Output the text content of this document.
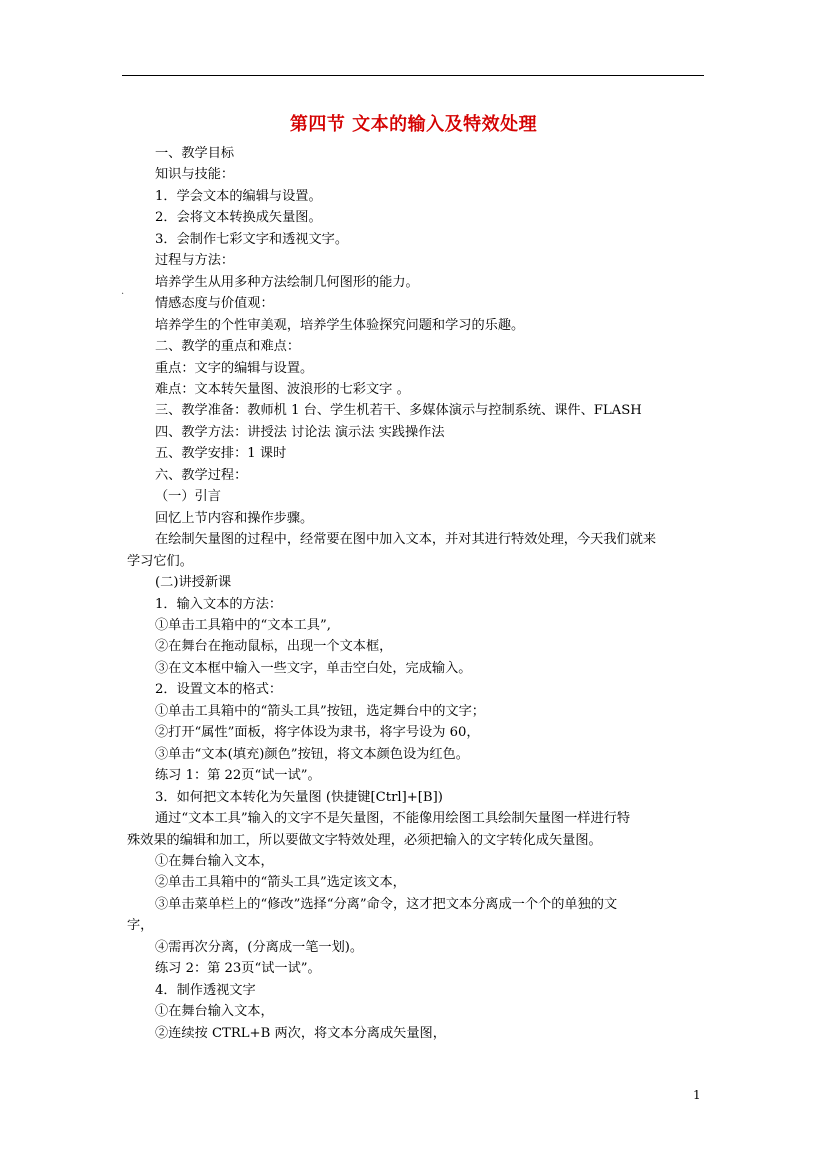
第四节 文本的输入及特效处理
.
一、教学目标
知识与技能：
1．学会文本的编辑与设置。
2．会将文本转换成矢量图。
3．会制作七彩文字和透视文字。
过程与方法：
培养学生从用多种方法绘制几何图形的能力。
情感态度与价值观：
培养学生的个性审美观，培养学生体验探究问题和学习的乐趣。
二、教学的重点和难点：
重点：文字的编辑与设置。
难点：文本转矢量图、波浪形的七彩文字 。
三、教学准备：教师机 1 台、学生机若干、多媒体演示与控制系统、课件、FLASH
四、教学方法：讲授法 讨论法 演示法 实践操作法
五、教学安排：1 课时
六、教学过程：
（一）引言
回忆上节内容和操作步骤。
在绘制矢量图的过程中，经常要在图中加入文本，并对其进行特效处理，今天我们就来
学习它们。
(二)讲授新课
1．输入文本的方法：
①单击工具箱中的“文本工具”,
②在舞台在拖动鼠标，出现一个文本框，
③在文本框中输入一些文字，单击空白处，完成输入。
2．设置文本的格式：
①单击工具箱中的“箭头工具”按钮，选定舞台中的文字；
②打开“属性”面板，将字体设为隶书，将字号设为 60，
③单击“文本(填充)颜色”按钮，将文本颜色设为红色。
练习 1：第 22页“试一试”。
3．如何把文本转化为矢量图 (快捷键[Ctrl]+[B])
通过“文本工具”输入的文字不是矢量图，不能像用绘图工具绘制矢量图一样进行特
殊效果的编辑和加工，所以要做文字特效处理，必须把输入的文字转化成矢量图。
①在舞台输入文本，
②单击工具箱中的“箭头工具”选定该文本，
③单击菜单栏上的“修改”选择“分离”命令，这才把文本分离成一个个的单独的文
字，
④需再次分离，(分离成一笔一划)。
练习 2：第 23页“试一试”。
4．制作透视文字
①在舞台输入文本，
②连续按 CTRL+B 两次，将文本分离成矢量图，
1
